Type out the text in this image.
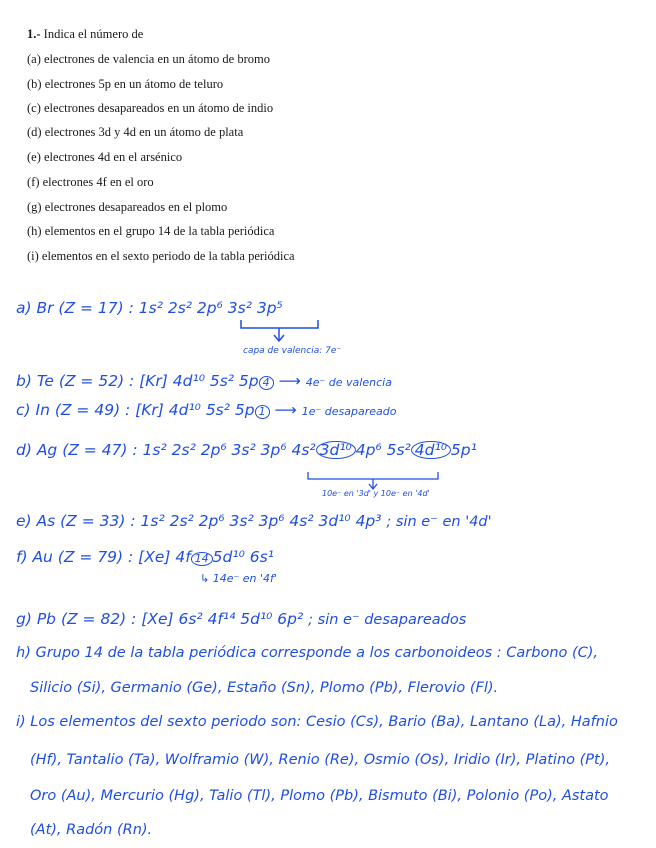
1.- Indica el número de
(a) electrones de valencia en un átomo de bromo
(b) electrones 5p en un átomo de teluro
(c) electrones desapareados en un átomo de indio
(d) electrones 3d y 4d en un átomo de plata
(e) electrones 4d en el arsénico
(f) electrones 4f en el oro
(g) electrones desapareados en el plomo
(h) elementos en el grupo 14 de la tabla periódica
(i) elementos en el sexto periodo de la tabla periódica
a) Br (Z = 17) : 1s² 2s² 2p⁶ 3s² 3p⁵
capa de valencia: 7e⁻
b) Te (Z = 52) : [Kr] 4d¹⁰ 5s² 5p 4 ⟶ 4e⁻ de valencia
c) In (Z = 49) : [Kr] 4d¹⁰ 5s² 5p 1 ⟶ 1e⁻ desapareado
d) Ag (Z = 47) : 1s² 2s² 2p⁶ 3s² 3p⁶ 4s² 3d¹⁰ 4p⁶ 5s² 4d¹⁰ 5p¹
10e⁻ en '3d' y 10e⁻ en '4d'
e) As (Z = 33) : 1s² 2s² 2p⁶ 3s² 3p⁶ 4s² 3d¹⁰ 4p³ ; sin e⁻ en '4d'
f) Au (Z = 79) : [Xe] 4f 14 5d¹⁰ 6s¹
↳ 14e⁻ en '4f'
g) Pb (Z = 82) : [Xe] 6s² 4f¹⁴ 5d¹⁰ 6p² ; sin e⁻ desapareados
h) Grupo 14 de la tabla periódica corresponde a los carbonoideos : Carbono (C),
Silicio (Si), Germanio (Ge), Estaño (Sn), Plomo (Pb), Flerovio (Fl).
i) Los elementos del sexto periodo son: Cesio (Cs), Bario (Ba), Lantano (La), Hafnio
(Hf), Tantalio (Ta), Wolframio (W), Renio (Re), Osmio (Os), Iridio (Ir), Platino (Pt),
Oro (Au), Mercurio (Hg), Talio (Tl), Plomo (Pb), Bismuto (Bi), Polonio (Po), Astato
(At), Radón (Rn).
